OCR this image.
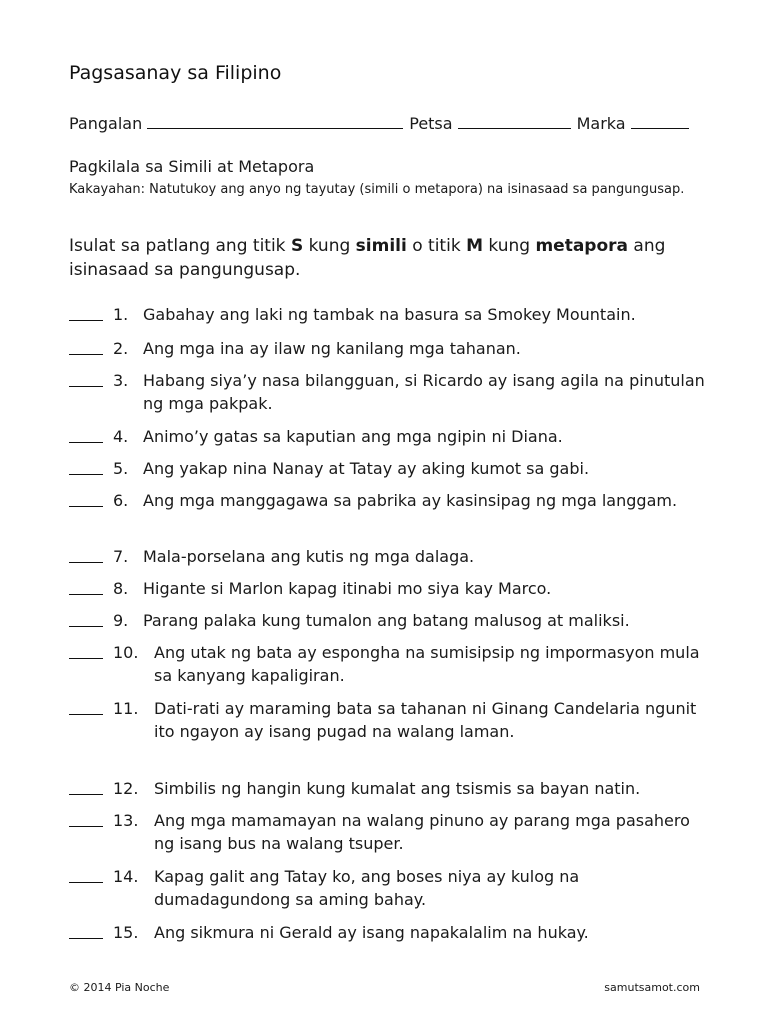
Pagsasanay sa Filipino
Pangalan	Petsa	Marka
Pagkilala sa Simili at Metapora
Kakayahan: Natutukoy ang anyo ng tayutay (simili o metapora) na isinasaad sa pangungusap.
Isulat sa patlang ang titik S kung simili o titik M kung metapora ang isinasaad sa pangungusap.
1. Gabahay ang laki ng tambak na basura sa Smokey Mountain.
2. Ang mga ina ay ilaw ng kanilang mga tahanan.
3. Habang siya’y nasa bilangguan, si Ricardo ay isang agila na pinutulan ng mga pakpak.
4. Animo’y gatas sa kaputian ang mga ngipin ni Diana.
5. Ang yakap nina Nanay at Tatay ay aking kumot sa gabi.
6. Ang mga manggagawa sa pabrika ay kasinsipag ng mga langgam.
7. Mala-porselana ang kutis ng mga dalaga.
8. Higante si Marlon kapag itinabi mo siya kay Marco.
9. Parang palaka kung tumalon ang batang malusog at maliksi.
10. Ang utak ng bata ay espongha na sumisipsip ng impormasyon mula sa kanyang kapaligiran.
11. Dati-rati ay maraming bata sa tahanan ni Ginang Candelaria ngunit ito ngayon ay isang pugad na walang laman.
12. Simbilis ng hangin kung kumalat ang tsismis sa bayan natin.
13. Ang mga mamamayan na walang pinuno ay parang mga pasahero ng isang bus na walang tsuper.
14. Kapag galit ang Tatay ko, ang boses niya ay kulog na dumadagundong sa aming bahay.
15. Ang sikmura ni Gerald ay isang napakalalim na hukay.
© 2014 Pia Noche	samutsamot.com
